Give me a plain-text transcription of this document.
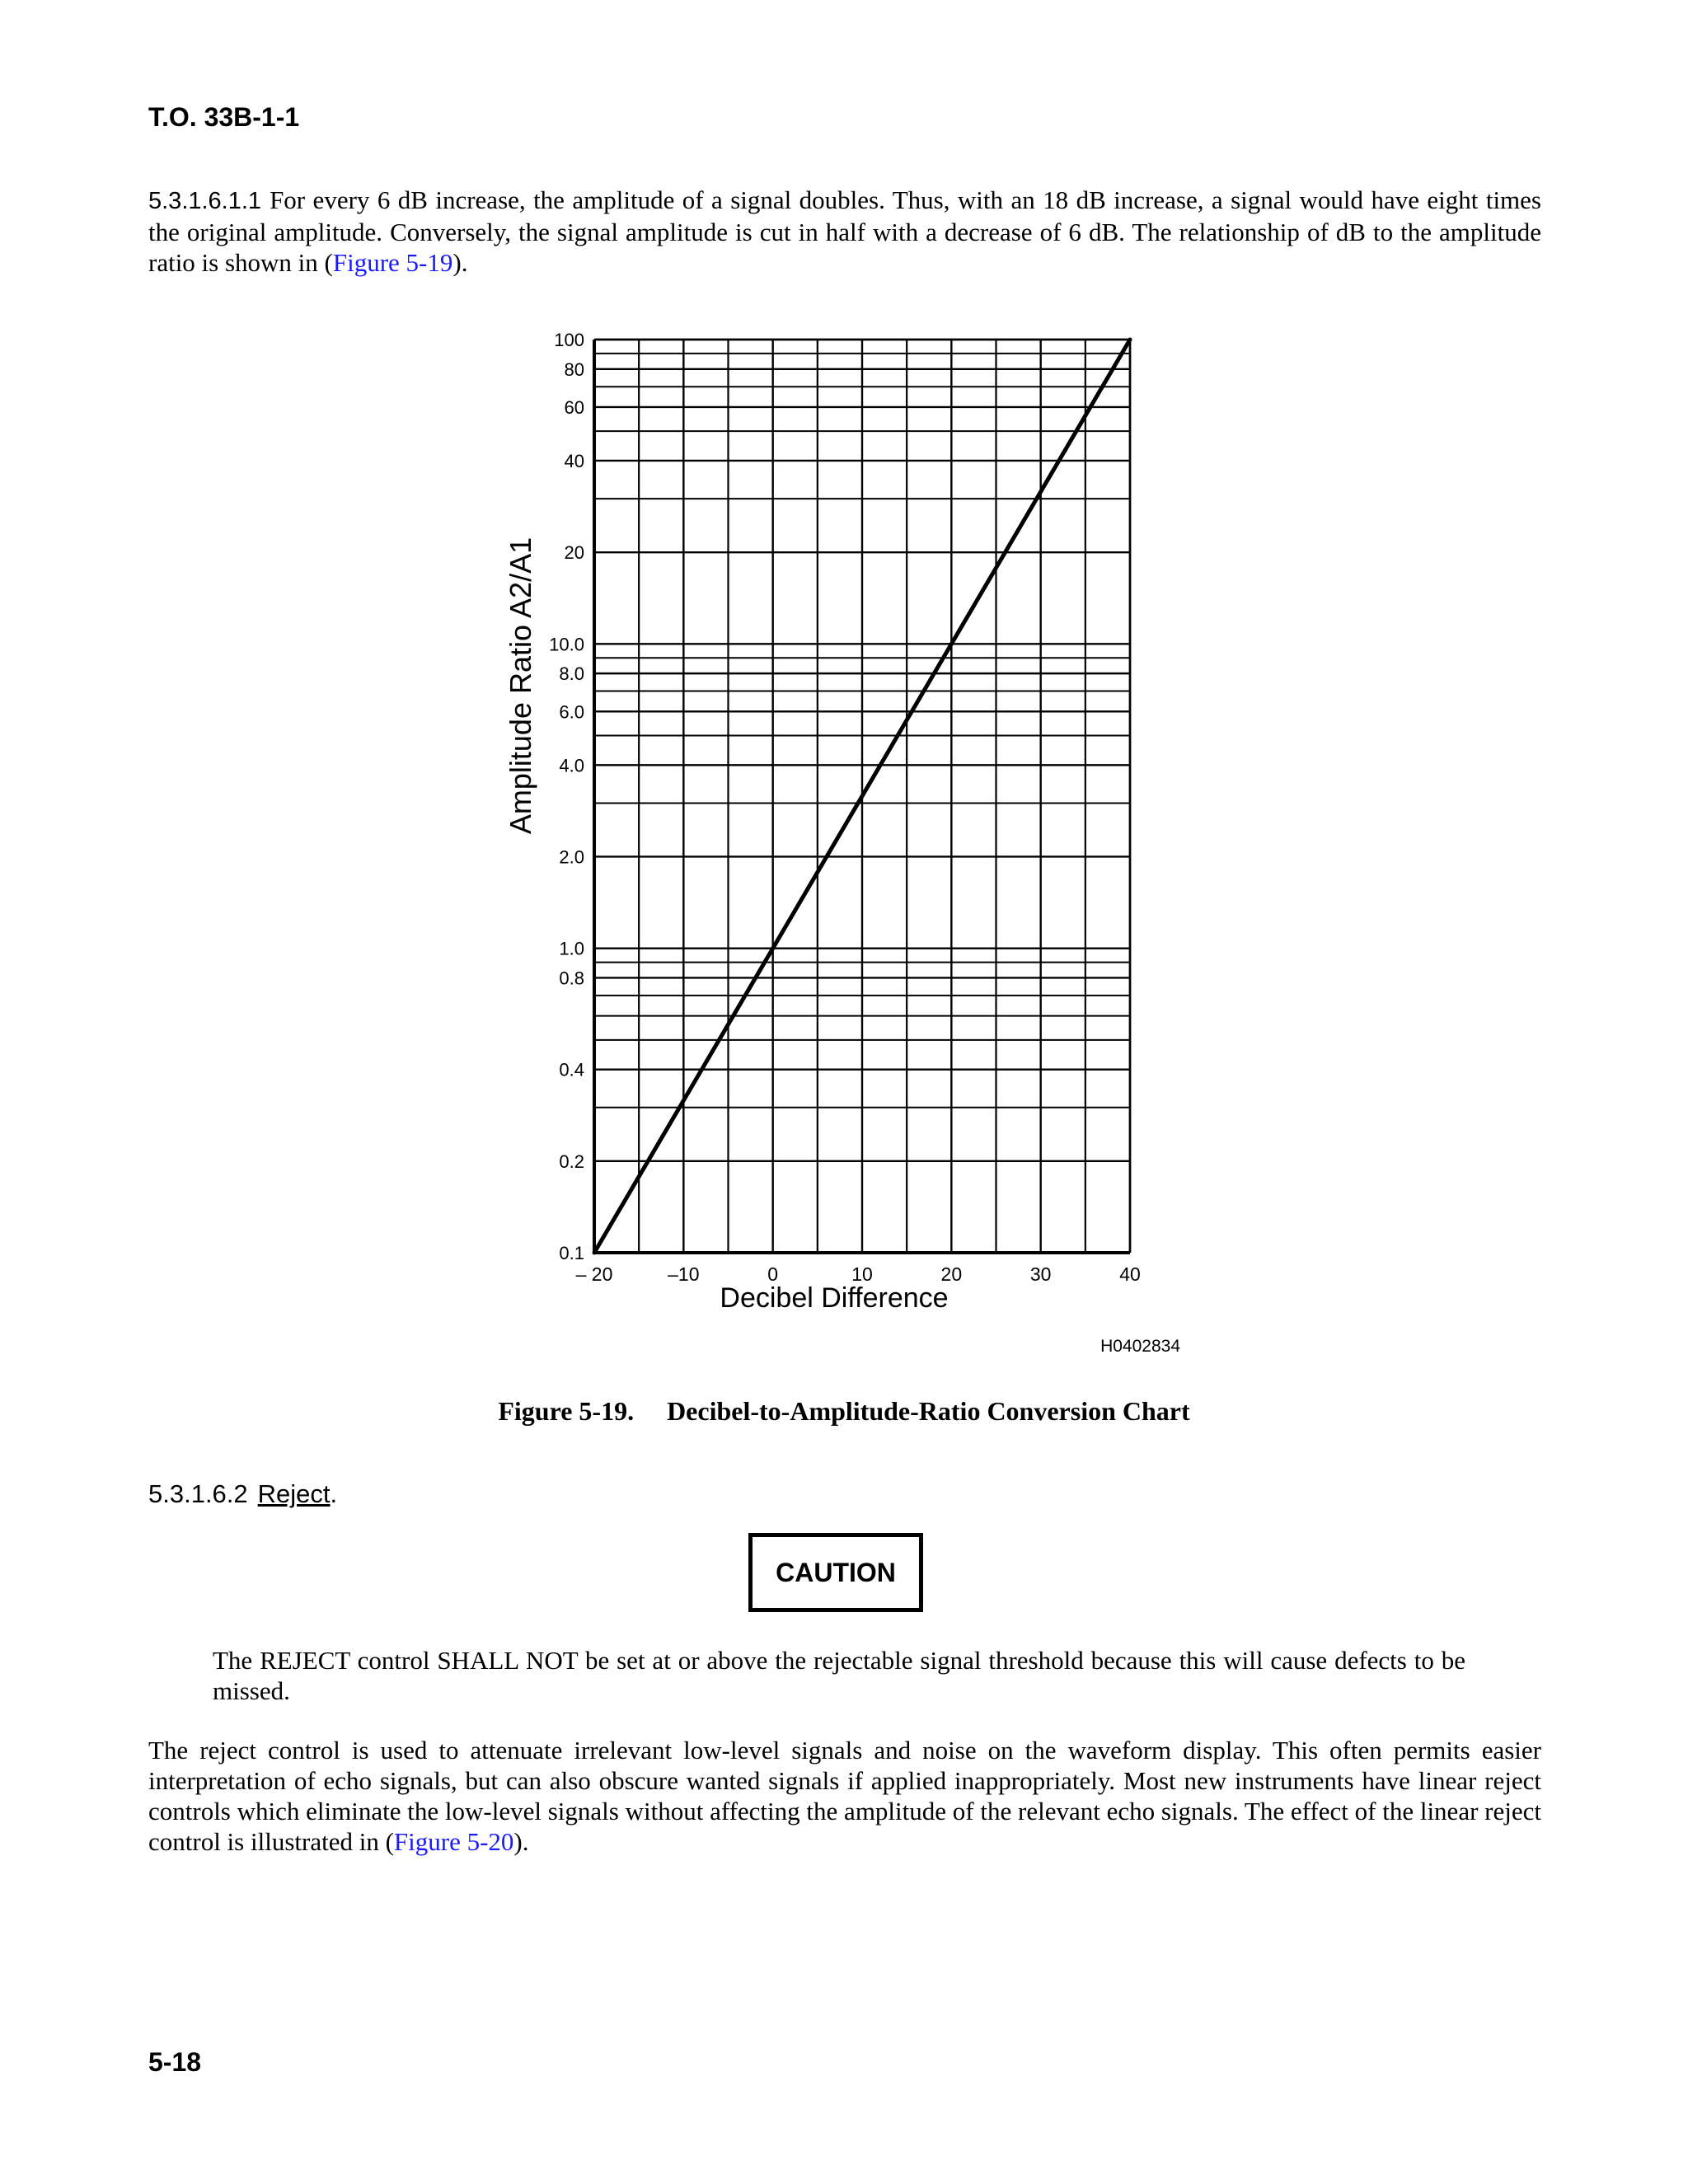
T.O. 33B-1-1
5.3.1.6.1.1 For every 6 dB increase, the amplitude of a signal doubles. Thus, with an 18 dB increase, a signal would have eight times the original amplitude. Conversely, the signal amplitude is cut in half with a decrease of 6 dB. The relationship of dB to the amplitude ratio is shown in (Figure 5-19).
0.1
0.2
0.4
0.8
1.0
2.0
4.0
6.0
8.0
10.0
20
40
60
80
100
– 20	–10	0	10	20	30	40
Decibel Difference
Amplitude Ratio A2/A1
H0402834
Figure 5-19. Decibel-to-Amplitude-Ratio Conversion Chart
5.3.1.6.2 Reject.
CAUTION
The REJECT control SHALL NOT be set at or above the rejectable signal threshold because this will cause defects to be missed.
The reject control is used to attenuate irrelevant low-level signals and noise on the waveform display. This often permits easier interpretation of echo signals, but can also obscure wanted signals if applied inappropriately. Most new instruments have linear reject controls which eliminate the low-level signals without affecting the amplitude of the relevant echo signals. The effect of the linear reject control is illustrated in (Figure 5-20).
5-18
